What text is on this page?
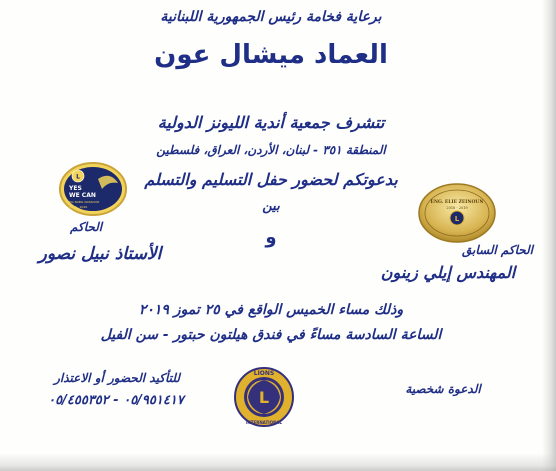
برعاية فخامة رئيس الجمهورية اللبنانية
العماد ميشال عون
تتشرف جمعية أندية الليونز الدولية
المنطقة ٣٥١ - لبنان، الأردن، العراق، فلسطين
بدعوتكم لحضور حفل التسليم والتسلم
بين
و
الحاكم
الأستاذ نبيل نصور	الحاكم السابق
المهندس إيلي زينون
وذلك مساء الخميس الواقع في ٢٥ تموز ٢٠١٩
الساعة السادسة مساءً في فندق هيلتون حبتور - سن الفيل
للتأكيد الحضور أو الاعتذار
٠٥/٩٥١٤١٧ - ٠٥/٤٥٥٣٥٢
الدعوة شخصية
L
YES
WE CAN
DG NABIL NASSOUR
2019 - 2020
L
ENG. ELIE ZEINOUN
2018 - 2019
L
LIONS
INTERNATIONAL
